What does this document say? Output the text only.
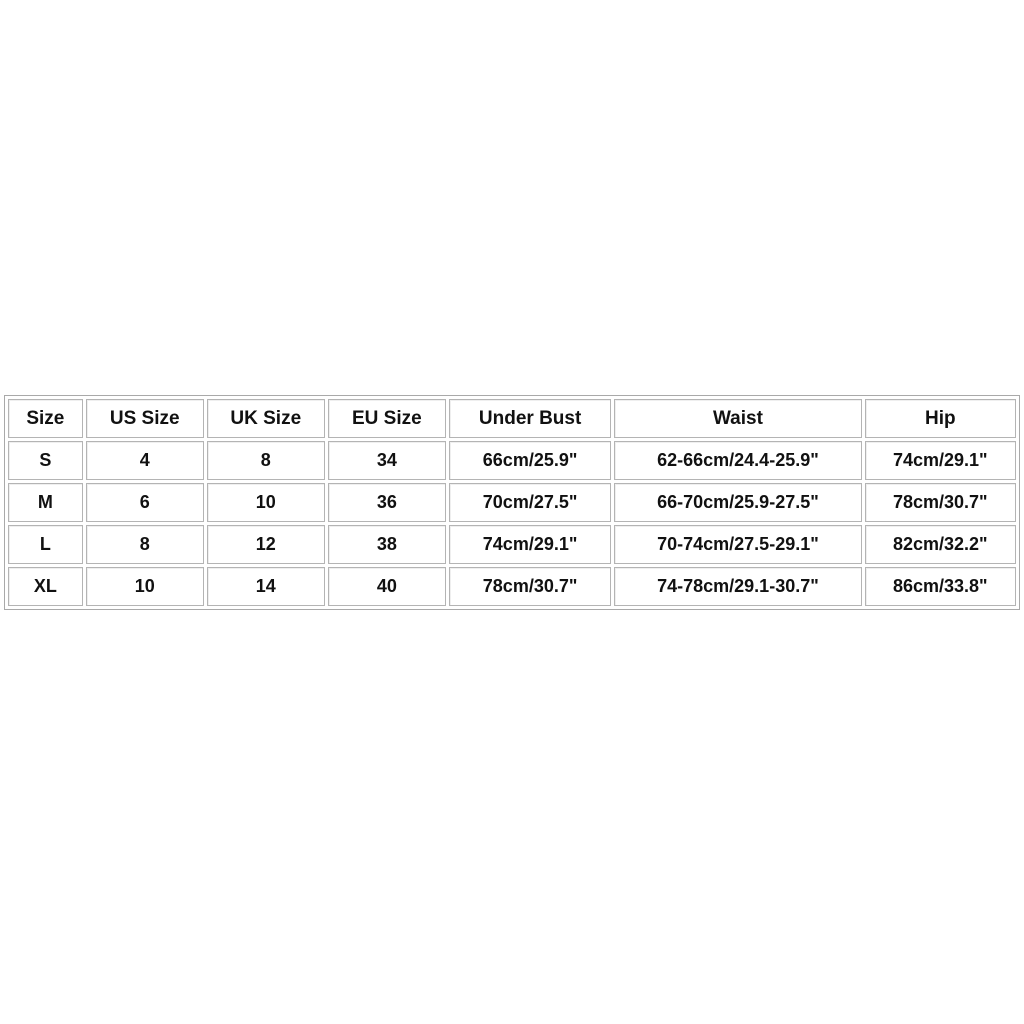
Size	US Size	UK Size	EU Size	Under Bust	Waist	Hip
S	4	8	34	66cm/25.9"	62-66cm/24.4-25.9"	74cm/29.1"
M	6	10	36	70cm/27.5"	66-70cm/25.9-27.5"	78cm/30.7"
L	8	12	38	74cm/29.1"	70-74cm/27.5-29.1"	82cm/32.2"
XL	10	14	40	78cm/30.7"	74-78cm/29.1-30.7"	86cm/33.8"
